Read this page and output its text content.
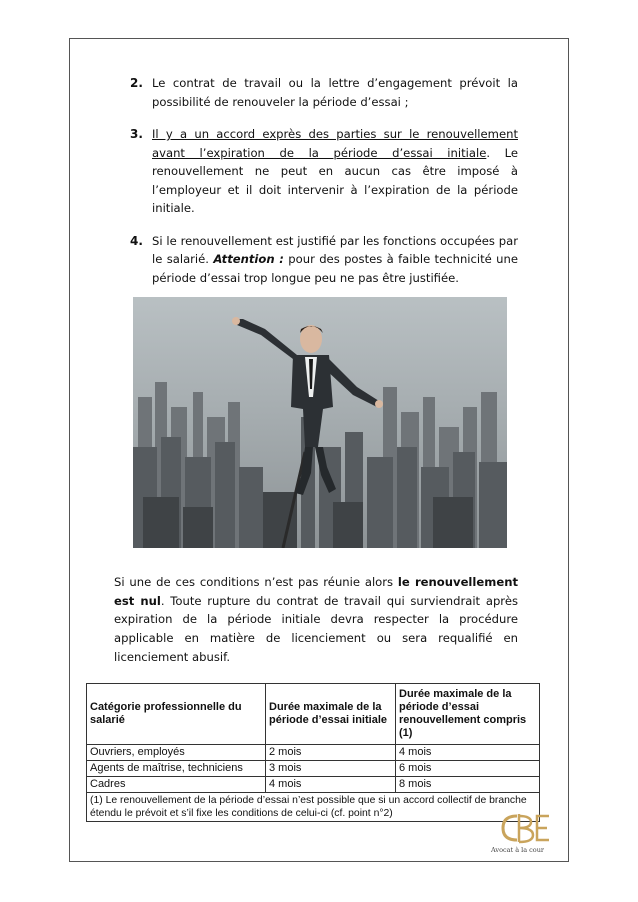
2. Le contrat de travail ou la lettre d’engagement prévoit la possibilité de renouveler la période d’essai ;
3. Il y a un accord exprès des parties sur le renouvellement avant l’expiration de la période d’essai initiale. Le renouvellement ne peut en aucun cas être imposé à l’employeur et il doit intervenir à l’expiration de la période initiale.
4. Si le renouvellement est justifié par les fonctions occupées par le salarié. Attention : pour des postes à faible technicité une période d’essai trop longue peu ne pas être justifiée.

Si une de ces conditions n’est pas réunie alors le renouvellement est nul. Toute rupture du contrat de travail qui surviendrait après expiration de la période initiale devra respecter la procédure applicable en matière de licenciement ou sera requalifié en licenciement abusif.

Catégorie professionnelle du salarié	Durée maximale de la période d’essai initiale	Durée maximale de la période d’essai renouvellement compris (1)
Ouvriers, employés	2 mois	4 mois
Agents de maîtrise, techniciens	3 mois	6 mois
Cadres	4 mois	8 mois
(1) Le renouvellement de la période d’essai n’est possible que si un accord collectif de branche étendu le prévoit et s’il fixe les conditions de celui-ci (cf. point n°2)		
Avocat à la cour
